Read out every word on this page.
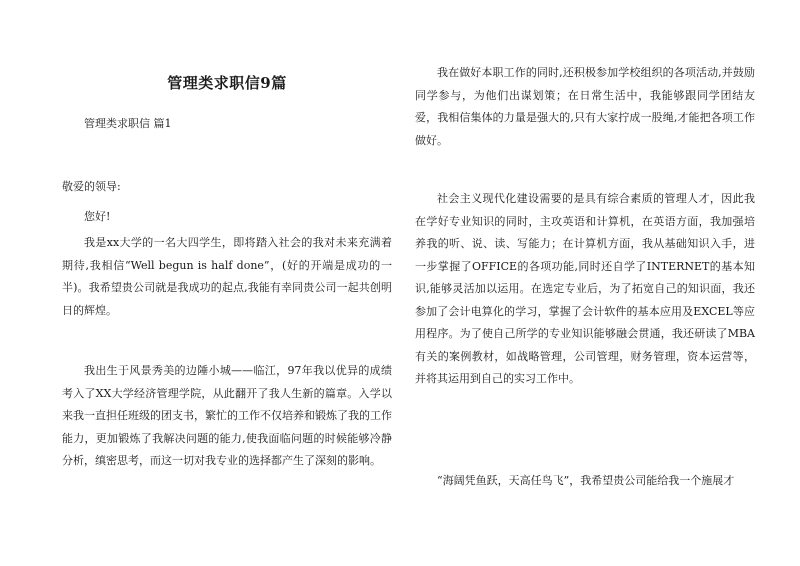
管理类求职信9篇
管理类求职信 篇1
敬爱的领导:
您好!

我是xx大学的一名大四学生，即将踏入社会的我对未来充满着期待,我相信“Well begun is half done”，(好的开端是成功的一半)。我希望贵公司就是我成功的起点,我能有幸同贵公司一起共创明日的辉煌。

我出生于风景秀美的边陲小城——临江，97年我以优异的成绩考入了XX大学经济管理学院，从此翻开了我人生新的篇章。入学以来我一直担任班级的团支书，繁忙的工作不仅培养和锻炼了我的工作能力，更加锻炼了我解决问题的能力,使我面临问题的时候能够冷静分析，缜密思考，而这一切对我专业的选择都产生了深刻的影响。

我在做好本职工作的同时,还积极参加学校组织的各项活动,并鼓励同学参与，为他们出谋划策；在日常生活中，我能够跟同学团结友爱，我相信集体的力量是强大的,只有大家拧成一股绳,才能把各项工作做好。

社会主义现代化建设需要的是具有综合素质的管理人才，因此我在学好专业知识的同时，主攻英语和计算机，在英语方面，我加强培养我的听、说、读、写能力；在计算机方面，我从基础知识入手，进一步掌握了OFFICE的各项功能,同时还自学了INTERNET的基本知识,能够灵活加以运用。在选定专业后，为了拓宽自己的知识面，我还参加了会计电算化的学习，掌握了会计软件的基本应用及EXCEL等应用程序。为了使自己所学的专业知识能够融会贯通，我还研读了MBA有关的案例教材，如战略管理，公司管理，财务管理，资本运营等，并将其运用到自己的实习工作中。

“海阔凭鱼跃，天高任鸟飞”，我希望贵公司能给我一个施展才
